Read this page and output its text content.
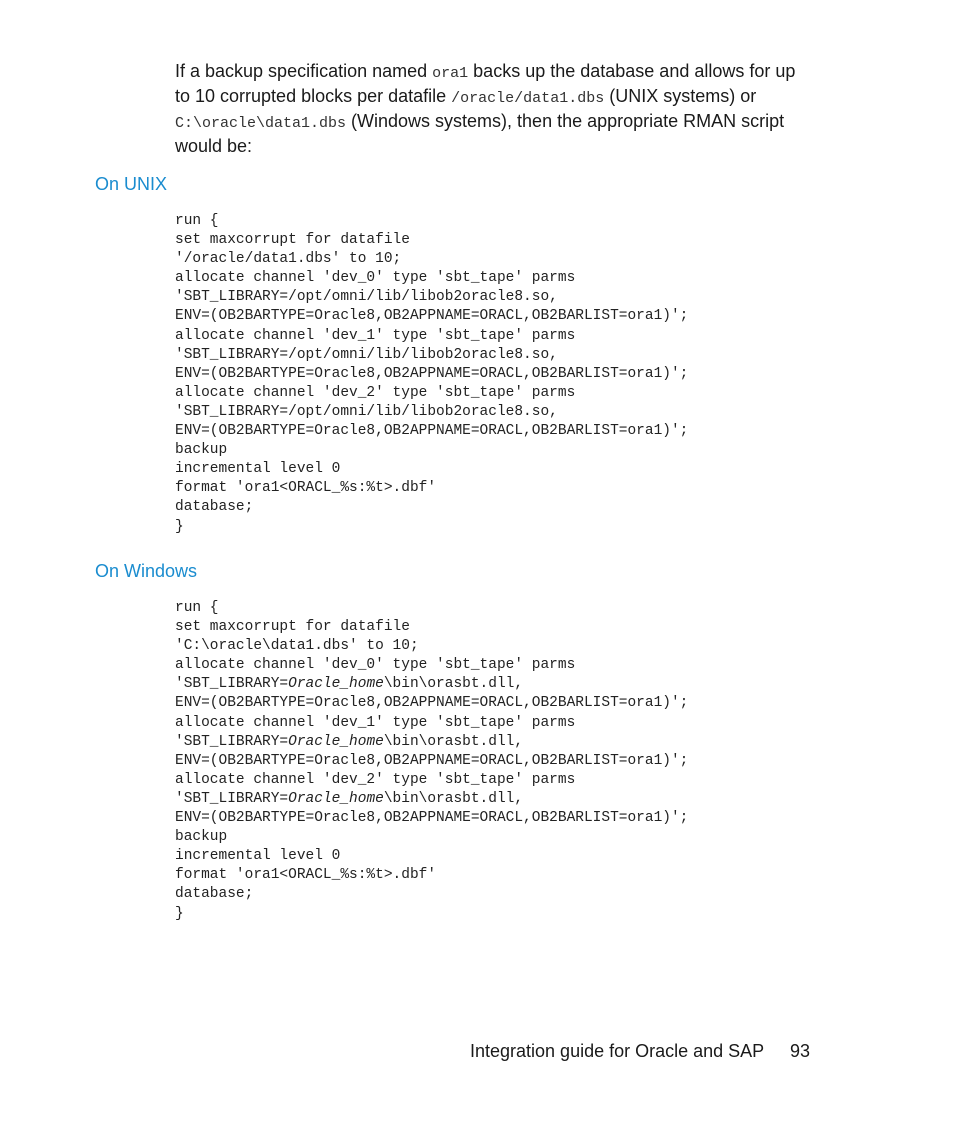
If a backup specification named ora1 backs up the database and allows for up to 10 corrupted blocks per datafile /oracle/data1.dbs (UNIX systems) or C:\oracle\data1.dbs (Windows systems), then the appropriate RMAN script would be:

On UNIX
run {
set maxcorrupt for datafile
'/oracle/data1.dbs' to 10;
allocate channel 'dev_0' type 'sbt_tape' parms
'SBT_LIBRARY=/opt/omni/lib/libob2oracle8.so,
ENV=(OB2BARTYPE=Oracle8,OB2APPNAME=ORACL,OB2BARLIST=ora1)';
allocate channel 'dev_1' type 'sbt_tape' parms
'SBT_LIBRARY=/opt/omni/lib/libob2oracle8.so,
ENV=(OB2BARTYPE=Oracle8,OB2APPNAME=ORACL,OB2BARLIST=ora1)';
allocate channel 'dev_2' type 'sbt_tape' parms
'SBT_LIBRARY=/opt/omni/lib/libob2oracle8.so,
ENV=(OB2BARTYPE=Oracle8,OB2APPNAME=ORACL,OB2BARLIST=ora1)';
backup
incremental level 0
format 'ora1<ORACL_%s:%t>.dbf'
database;
}
On Windows
run {
set maxcorrupt for datafile
'C:\oracle\data1.dbs' to 10;
allocate channel 'dev_0' type 'sbt_tape' parms
'SBT_LIBRARY=Oracle_home\bin\orasbt.dll,
ENV=(OB2BARTYPE=Oracle8,OB2APPNAME=ORACL,OB2BARLIST=ora1)';
allocate channel 'dev_1' type 'sbt_tape' parms
'SBT_LIBRARY=Oracle_home\bin\orasbt.dll,
ENV=(OB2BARTYPE=Oracle8,OB2APPNAME=ORACL,OB2BARLIST=ora1)';
allocate channel 'dev_2' type 'sbt_tape' parms
'SBT_LIBRARY=Oracle_home\bin\orasbt.dll,
ENV=(OB2BARTYPE=Oracle8,OB2APPNAME=ORACL,OB2BARLIST=ora1)';
backup
incremental level 0
format 'ora1<ORACL_%s:%t>.dbf'
database;
}
Integration guide for Oracle and SAP 93
